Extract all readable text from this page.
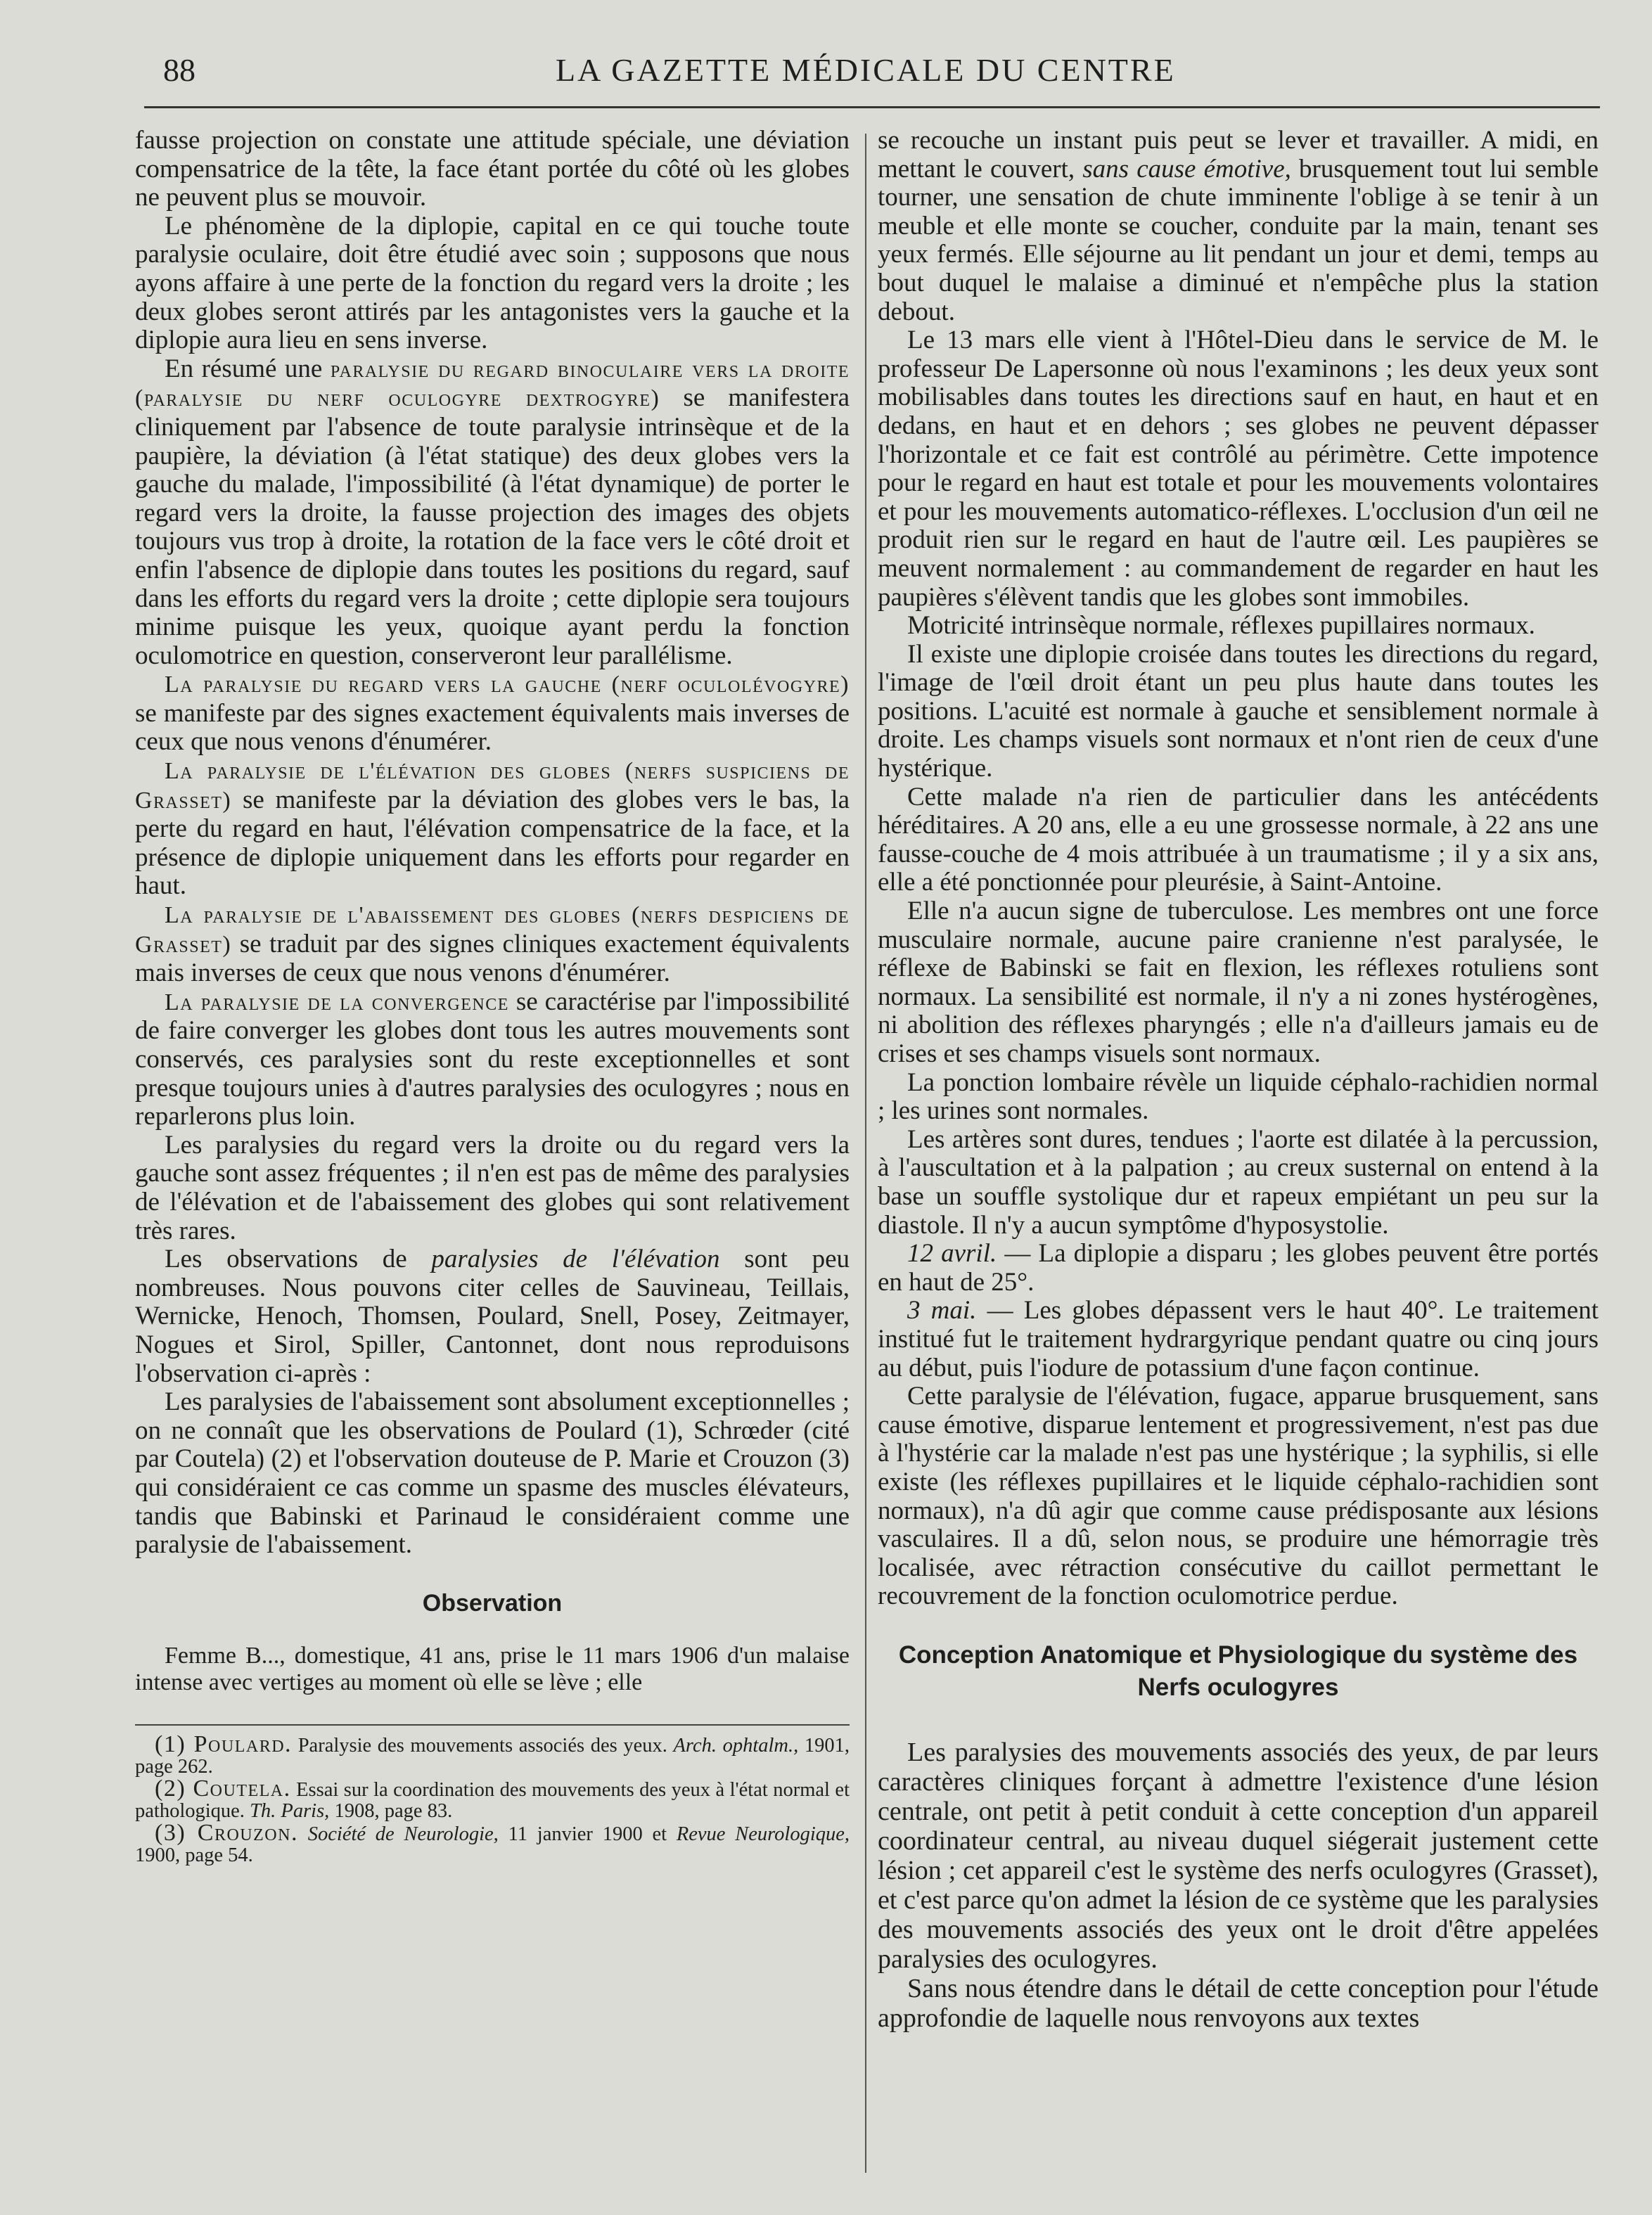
88	LA GAZETTE MÉDICALE DU CENTRE

fausse projection on constate une attitude spéciale, une déviation compensatrice de la tête, la face étant portée du côté où les globes ne peuvent plus se mouvoir.

Le phénomène de la diplopie, capital en ce qui touche toute paralysie oculaire, doit être étudié avec soin ; supposons que nous ayons affaire à une perte de la fonction du regard vers la droite ; les deux globes seront attirés par les antagonistes vers la gauche et la diplopie aura lieu en sens inverse.

En résumé une paralysie du regard binoculaire vers la droite (paralysie du nerf oculogyre dextrogyre) se manifestera cliniquement par l'absence de toute paralysie intrinsèque et de la paupière, la déviation (à l'état statique) des deux globes vers la gauche du malade, l'impossibilité (à l'état dynamique) de porter le regard vers la droite, la fausse projection des images des objets toujours vus trop à droite, la rotation de la face vers le côté droit et enfin l'absence de diplopie dans toutes les positions du regard, sauf dans les efforts du regard vers la droite ; cette diplopie sera toujours minime puisque les yeux, quoique ayant perdu la fonction oculomotrice en question, conserveront leur parallélisme.

La paralysie du regard vers la gauche (nerf oculolévogyre) se manifeste par des signes exactement équivalents mais inverses de ceux que nous venons d'énumérer.

La paralysie de l'élévation des globes (nerfs suspiciens de Grasset) se manifeste par la déviation des globes vers le bas, la perte du regard en haut, l'élévation compensatrice de la face, et la présence de diplopie uniquement dans les efforts pour regarder en haut.

La paralysie de l'abaissement des globes (nerfs despiciens de Grasset) se traduit par des signes cliniques exactement équivalents mais inverses de ceux que nous venons d'énumérer.

La paralysie de la convergence se caractérise par l'impossibilité de faire converger les globes dont tous les autres mouvements sont conservés, ces paralysies sont du reste exceptionnelles et sont presque toujours unies à d'autres paralysies des oculogyres ; nous en reparlerons plus loin.

Les paralysies du regard vers la droite ou du regard vers la gauche sont assez fréquentes ; il n'en est pas de même des paralysies de l'élévation et de l'abaissement des globes qui sont relativement très rares.

Les observations de paralysies de l'élévation sont peu nombreuses. Nous pouvons citer celles de Sauvineau, Teillais, Wernicke, Henoch, Thomsen, Poulard, Snell, Posey, Zeitmayer, Nogues et Sirol, Spiller, Cantonnet, dont nous reproduisons l'observation ci-après :

Les paralysies de l'abaissement sont absolument exceptionnelles ; on ne connaît que les observations de Poulard (1), Schrœder (cité par Coutela) (2) et l'observation douteuse de P. Marie et Crouzon (3) qui considéraient ce cas comme un spasme des muscles élévateurs, tandis que Babinski et Parinaud le considéraient comme une paralysie de l'abaissement.

Observation

Femme B..., domestique, 41 ans, prise le 11 mars 1906 d'un malaise intense avec vertiges au moment où elle se lève ; elle

(1) Poulard. Paralysie des mouvements associés des yeux. Arch. ophtalm., 1901, page 262.

(2) Coutela. Essai sur la coordination des mouvements des yeux à l'état normal et pathologique. Th. Paris, 1908, page 83.

(3) Crouzon. Société de Neurologie, 11 janvier 1900 et Revue Neurologique, 1900, page 54.

se recouche un instant puis peut se lever et travailler. A midi, en mettant le couvert, sans cause émotive, brusquement tout lui semble tourner, une sensation de chute imminente l'oblige à se tenir à un meuble et elle monte se coucher, conduite par la main, tenant ses yeux fermés. Elle séjourne au lit pendant un jour et demi, temps au bout duquel le malaise a diminué et n'empêche plus la station debout.

Le 13 mars elle vient à l'Hôtel-Dieu dans le service de M. le professeur De Lapersonne où nous l'examinons ; les deux yeux sont mobilisables dans toutes les directions sauf en haut, en haut et en dedans, en haut et en dehors ; ses globes ne peuvent dépasser l'horizontale et ce fait est contrôlé au périmètre. Cette impotence pour le regard en haut est totale et pour les mouvements volontaires et pour les mouvements automatico-réflexes. L'occlusion d'un œil ne produit rien sur le regard en haut de l'autre œil. Les paupières se meuvent normalement : au commandement de regarder en haut les paupières s'élèvent tandis que les globes sont immobiles.

Motricité intrinsèque normale, réflexes pupillaires normaux.

Il existe une diplopie croisée dans toutes les directions du regard, l'image de l'œil droit étant un peu plus haute dans toutes les positions. L'acuité est normale à gauche et sensiblement normale à droite. Les champs visuels sont normaux et n'ont rien de ceux d'une hystérique.

Cette malade n'a rien de particulier dans les antécédents héréditaires. A 20 ans, elle a eu une grossesse normale, à 22 ans une fausse-couche de 4 mois attribuée à un traumatisme ; il y a six ans, elle a été ponctionnée pour pleurésie, à Saint-Antoine.

Elle n'a aucun signe de tuberculose. Les membres ont une force musculaire normale, aucune paire cranienne n'est paralysée, le réflexe de Babinski se fait en flexion, les réflexes rotuliens sont normaux. La sensibilité est normale, il n'y a ni zones hystérogènes, ni abolition des réflexes pharyngés ; elle n'a d'ailleurs jamais eu de crises et ses champs visuels sont normaux.

La ponction lombaire révèle un liquide céphalo-rachidien normal ; les urines sont normales.

Les artères sont dures, tendues ; l'aorte est dilatée à la percussion, à l'auscultation et à la palpation ; au creux susternal on entend à la base un souffle systolique dur et rapeux empiétant un peu sur la diastole. Il n'y a aucun symptôme d'hyposystolie.

12 avril. — La diplopie a disparu ; les globes peuvent être portés en haut de 25°.

3 mai. — Les globes dépassent vers le haut 40°. Le traitement institué fut le traitement hydrargyrique pendant quatre ou cinq jours au début, puis l'iodure de potassium d'une façon continue.

Cette paralysie de l'élévation, fugace, apparue brusquement, sans cause émotive, disparue lentement et progressivement, n'est pas due à l'hystérie car la malade n'est pas une hystérique ; la syphilis, si elle existe (les réflexes pupillaires et le liquide céphalo-rachidien sont normaux), n'a dû agir que comme cause prédisposante aux lésions vasculaires. Il a dû, selon nous, se produire une hémorragie très localisée, avec rétraction consécutive du caillot permettant le recouvrement de la fonction oculomotrice perdue.

Conception Anatomique et Physiologique du système des Nerfs oculogyres

Les paralysies des mouvements associés des yeux, de par leurs caractères cliniques forçant à admettre l'existence d'une lésion centrale, ont petit à petit conduit à cette conception d'un appareil coordinateur central, au niveau duquel siégerait justement cette lésion ; cet appareil c'est le système des nerfs oculogyres (Grasset), et c'est parce qu'on admet la lésion de ce système que les paralysies des mouvements associés des yeux ont le droit d'être appelées paralysies des oculogyres.

Sans nous étendre dans le détail de cette conception pour l'étude approfondie de laquelle nous renvoyons aux textes
